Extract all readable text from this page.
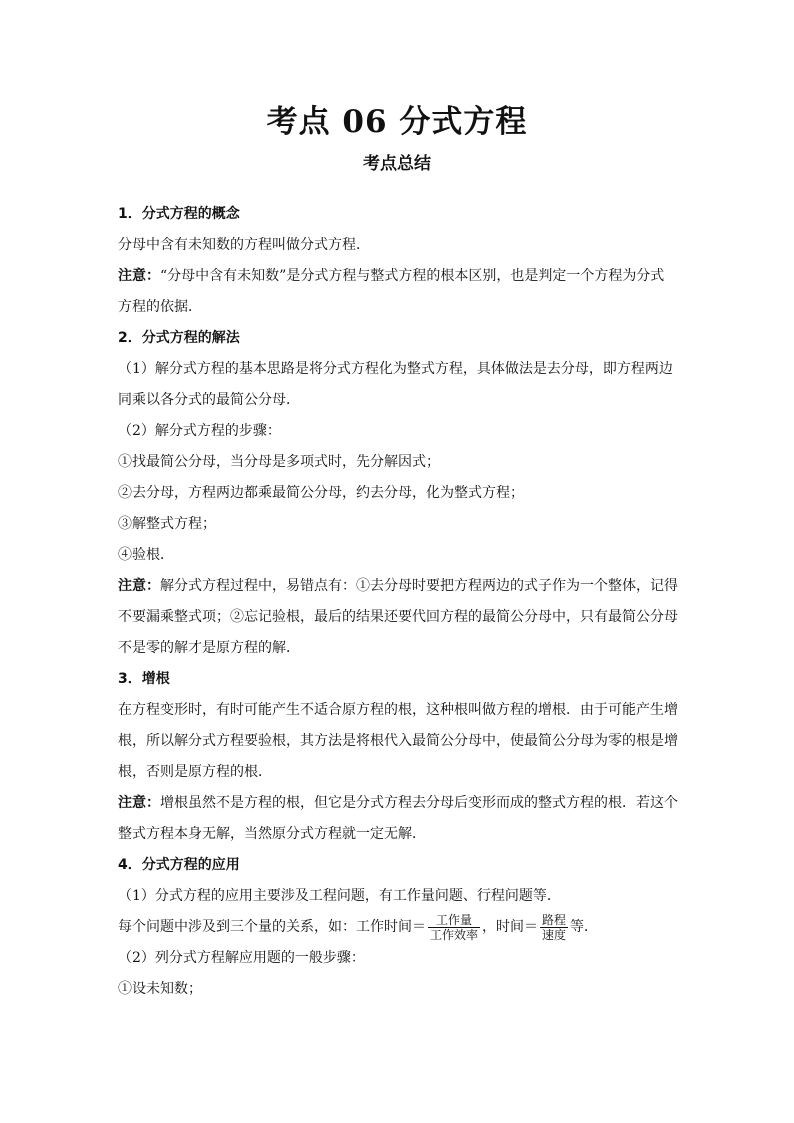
考点 06 分式方程
考点总结

1．分式方程的概念

分母中含有未知数的方程叫做分式方程．

注意：“分母中含有未知数”是分式方程与整式方程的根本区别，也是判定一个方程为分式方程的依据．

2．分式方程的解法

（1）解分式方程的基本思路是将分式方程化为整式方程，具体做法是去分母，即方程两边同乘以各分式的最简公分母．

（2）解分式方程的步骤：

①找最简公分母，当分母是多项式时，先分解因式；

②去分母，方程两边都乘最简公分母，约去分母，化为整式方程；

③解整式方程；

④验根．

注意：解分式方程过程中，易错点有：①去分母时要把方程两边的式子作为一个整体，记得不要漏乘整式项；②忘记验根，最后的结果还要代回方程的最简公分母中，只有最简公分母不是零的解才是原方程的解．

3．增根

在方程变形时，有时可能产生不适合原方程的根，这种根叫做方程的增根．由于可能产生增根，所以解分式方程要验根，其方法是将根代入最简公分母中，使最简公分母为零的根是增根，否则是原方程的根．

注意：增根虽然不是方程的根，但它是分式方程去分母后变形而成的整式方程的根．若这个整式方程本身无解，当然原分式方程就一定无解．

4．分式方程的应用

（1）分式方程的应用主要涉及工程问题，有工作量问题、行程问题等．

每个问题中涉及到三个量的关系，如：工作时间＝ $\frac{\text{工作量}}{\text{工作效率}}$ ，时间＝ $\frac{\text{路程}}{\text{速度}}$ 等．

（2）列分式方程解应用题的一般步骤：

①设未知数；
